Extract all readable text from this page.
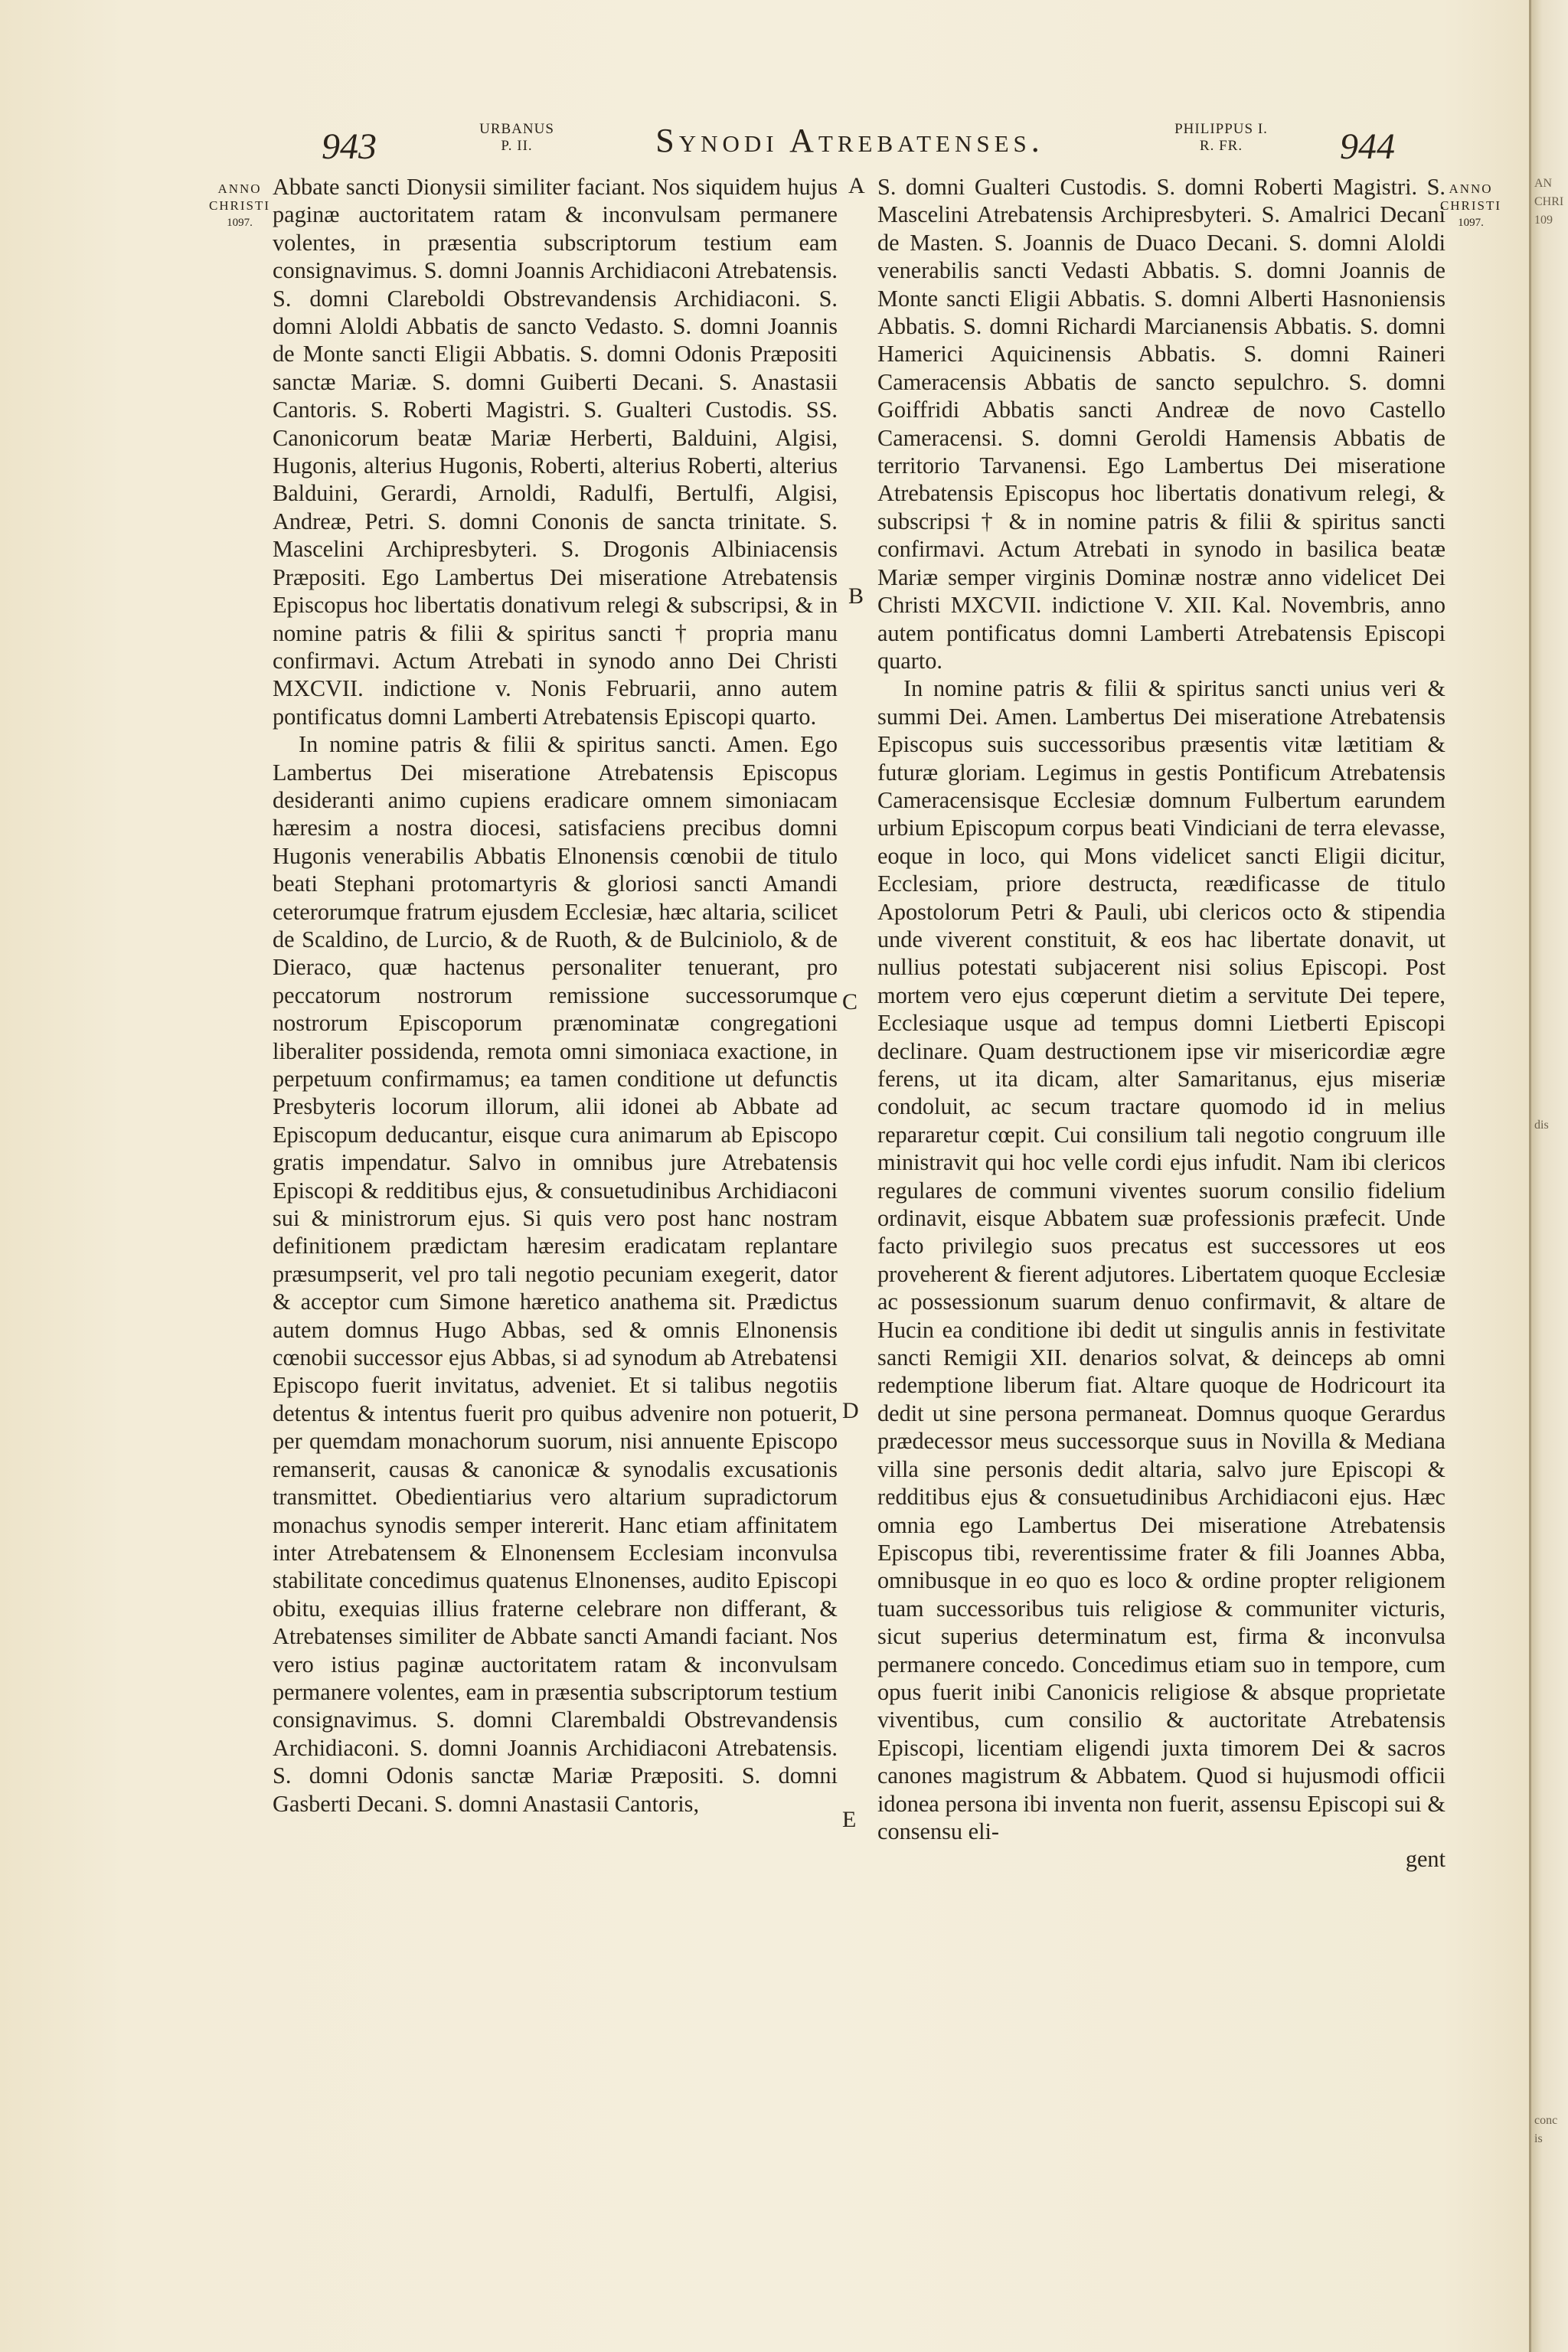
943	URBANUS
P. II.	Synodi Atrebatenses.	PHILIPPUS I.
R. FR.	944
ANNO
CHRISTI
1097.
ANNO
CHRISTI
1097.
A
B
C
D
E

Abbate sancti Dionysii similiter faciant. Nos siquidem hujus paginæ auctoritatem ratam & inconvulsam permanere volentes, in præsentia subscriptorum testium eam consignavimus. S. domni Joannis Archidiaconi Atrebatensis. S. domni Clareboldi Obstrevandensis Archidiaconi. S. domni Aloldi Abbatis de sancto Vedasto. S. domni Joannis de Monte sancti Eligii Abbatis. S. domni Odonis Præpositi sanctæ Mariæ. S. domni Guiberti Decani. S. Anastasii Cantoris. S. Roberti Magistri. S. Gualteri Custodis. SS. Canonicorum beatæ Mariæ Herberti, Balduini, Algisi, Hugonis, alterius Hugonis, Roberti, alterius Roberti, alterius Balduini, Gerardi, Arnoldi, Radulfi, Bertulfi, Algisi, Andreæ, Petri. S. domni Cononis de sancta trinitate. S. Mascelini Archipresbyteri. S. Drogonis Albiniacensis Præpositi. Ego Lambertus Dei miseratione Atrebatensis Episcopus hoc libertatis donativum relegi & subscripsi, & in nomine patris & filii & spiritus sancti † propria manu confirmavi. Actum Atrebati in synodo anno Dei Christi MXCVII. indictione v. Nonis Februarii, anno autem pontificatus domni Lamberti Atrebatensis Episcopi quarto.

In nomine patris & filii & spiritus sancti. Amen. Ego Lambertus Dei miseratione Atrebatensis Episcopus desideranti animo cupiens eradicare omnem simoniacam hæresim a nostra diocesi, satisfaciens precibus domni Hugonis venerabilis Abbatis Elnonensis cœnobii de titulo beati Stephani protomartyris & gloriosi sancti Amandi ceterorumque fratrum ejusdem Ecclesiæ, hæc altaria, scilicet de Scaldino, de Lurcio, & de Ruoth, & de Bulciniolo, & de Dieraco, quæ hactenus personaliter tenuerant, pro peccatorum nostrorum remissione successorumque nostrorum Episcoporum prænominatæ congregationi liberaliter possidenda, remota omni simoniaca exactione, in perpetuum confirmamus; ea tamen conditione ut defunctis Presbyteris locorum illorum, alii idonei ab Abbate ad Episcopum deducantur, eisque cura animarum ab Episcopo gratis impendatur. Salvo in omnibus jure Atrebatensis Episcopi & redditibus ejus, & consuetudinibus Archidiaconi sui & ministrorum ejus. Si quis vero post hanc nostram definitionem prædictam hæresim eradicatam replantare præsumpserit, vel pro tali negotio pecuniam exegerit, dator & acceptor cum Simone hæretico anathema sit. Prædictus autem domnus Hugo Abbas, sed & omnis Elnonensis cœnobii successor ejus Abbas, si ad synodum ab Atrebatensi Episcopo fuerit invitatus, adveniet. Et si talibus negotiis detentus & intentus fuerit pro quibus advenire non potuerit, per quemdam monachorum suorum, nisi annuente Episcopo remanserit, causas & canonicæ & synodalis excusationis transmittet. Obedientiarius vero altarium supradictorum monachus synodis semper intererit. Hanc etiam affinitatem inter Atrebatensem & Elnonensem Ecclesiam inconvulsa stabilitate concedimus quatenus Elnonenses, audito Episcopi obitu, exequias illius fraterne celebrare non differant, & Atrebatenses similiter de Abbate sancti Amandi faciant. Nos vero istius paginæ auctoritatem ratam & inconvulsam permanere volentes, eam in præsentia subscriptorum testium consignavimus. S. domni Clarembaldi Obstrevandensis Archidiaconi. S. domni Joannis Archidiaconi Atrebatensis. S. domni Odonis sanctæ Mariæ Præpositi. S. domni Gasberti Decani. S. domni Anastasii Cantoris,

S. domni Gualteri Custodis. S. domni Roberti Magistri. S. Mascelini Atrebatensis Archipresbyteri. S. Amalrici Decani de Masten. S. Joannis de Duaco Decani. S. domni Aloldi venerabilis sancti Vedasti Abbatis. S. domni Joannis de Monte sancti Eligii Abbatis. S. domni Alberti Hasnoniensis Abbatis. S. domni Richardi Marcianensis Abbatis. S. domni Hamerici Aquicinensis Abbatis. S. domni Raineri Cameracensis Abbatis de sancto sepulchro. S. domni Goiffridi Abbatis sancti Andreæ de novo Castello Cameracensi. S. domni Geroldi Hamensis Abbatis de territorio Tarvanensi. Ego Lambertus Dei miseratione Atrebatensis Episcopus hoc libertatis donativum relegi, & subscripsi † & in nomine patris & filii & spiritus sancti confirmavi. Actum Atrebati in synodo in basilica beatæ Mariæ semper virginis Dominæ nostræ anno videlicet Dei Christi MXCVII. indictione V. XII. Kal. Novembris, anno autem pontificatus domni Lamberti Atrebatensis Episcopi quarto.

In nomine patris & filii & spiritus sancti unius veri & summi Dei. Amen. Lambertus Dei miseratione Atrebatensis Episcopus suis successoribus præsentis vitæ lætitiam & futuræ gloriam. Legimus in gestis Pontificum Atrebatensis Cameracensisque Ecclesiæ domnum Fulbertum earundem urbium Episcopum corpus beati Vindiciani de terra elevasse, eoque in loco, qui Mons videlicet sancti Eligii dicitur, Ecclesiam, priore destructa, reædificasse de titulo Apostolorum Petri & Pauli, ubi clericos octo & stipendia unde viverent constituit, & eos hac libertate donavit, ut nullius potestati subjacerent nisi solius Episcopi. Post mortem vero ejus cœperunt dietim a servitute Dei tepere, Ecclesiaque usque ad tempus domni Lietberti Episcopi declinare. Quam destructionem ipse vir misericordiæ ægre ferens, ut ita dicam, alter Samaritanus, ejus miseriæ condoluit, ac secum tractare quomodo id in melius repararetur cœpit. Cui consilium tali negotio congruum ille ministravit qui hoc velle cordi ejus infudit. Nam ibi clericos regulares de communi viventes suorum consilio fidelium ordinavit, eisque Abbatem suæ professionis præfecit. Unde facto privilegio suos precatus est successores ut eos proveherent & fierent adjutores. Libertatem quoque Ecclesiæ ac possessionum suarum denuo confirmavit, & altare de Hucin ea conditione ibi dedit ut singulis annis in festivitate sancti Remigii XII. denarios solvat, & deinceps ab omni redemptione liberum fiat. Altare quoque de Hodricourt ita dedit ut sine persona permaneat. Domnus quoque Gerardus prædecessor meus successorque suus in Novilla & Mediana villa sine personis dedit altaria, salvo jure Episcopi & redditibus ejus & consuetudinibus Archidiaconi ejus. Hæc omnia ego Lambertus Dei miseratione Atrebatensis Episcopus tibi, reverentissime frater & fili Joannes Abba, omnibusque in eo quo es loco & ordine propter religionem tuam successoribus tuis religiose & communiter victuris, sicut superius determinatum est, firma & inconvulsa permanere concedo. Concedimus etiam suo in tempore, cum opus fuerit inibi Canonicis religiose & absque proprietate viventibus, cum consilio & auctoritate Atrebatensis Episcopi, licentiam eligendi juxta timorem Dei & sacros canones magistrum & Abbatem. Quod si hujusmodi officii idonea persona ibi inventa non fuerit, assensu Episcopi sui & consensu eli-

gent

AN
CHRI
109
dis
conc
is
